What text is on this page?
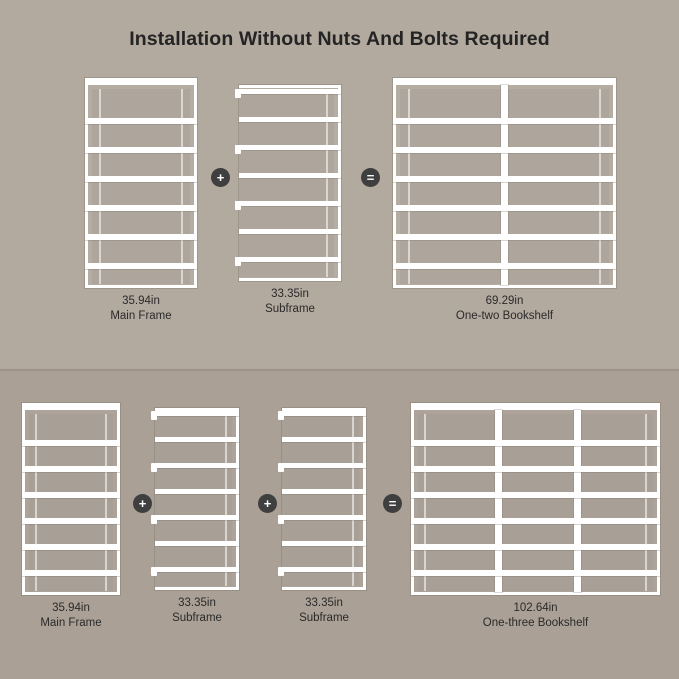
Installation Without Nuts And Bolts Required
35.94in
Main Frame
+
33.35in
Subframe
=
69.29in
One-two Bookshelf
35.94in
Main Frame
+
33.35in
Subframe
+
33.35in
Subframe
=
102.64in
One-three Bookshelf
